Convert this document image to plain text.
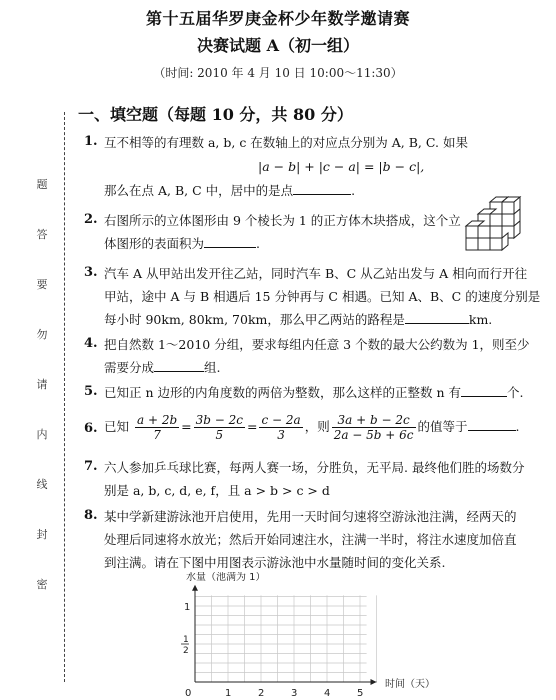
第十五届华罗庚金杯少年数学邀请赛
决赛试题 A（初一组）
（时间: 2010 年 4 月 10 日 10:00～11:30）
一、填空题（每题 10 分，共 80 分）
题
答
要
勿
请
内
线
封
密
1. 互不相等的有理数 a, b, c 在数轴上的对应点分别为 A, B, C. 如果
|a − b| + |c − a| = |b − c|,
那么在点 A, B, C 中，居中的是点	.
2. 右图所示的立体图形由 9 个棱长为 1 的正方体木块搭成，这个立
体图形的表面积为	.
3. 汽车 A 从甲站出发开往乙站，同时汽车 B、C 从乙站出发与 A 相向而行开往
甲站，途中 A 与 B 相遇后 15 分钟再与 C 相遇。已知 A、B、C 的速度分别是
每小时 90km, 80km, 70km，那么甲乙两站的路程是	km.
4. 把自然数 1～2010 分组，要求每组内任意 3 个数的最大公约数为 1，则至少
需要分成	组.
5. 已知正 n 边形的内角度数的两倍为整数，那么这样的正整数 n 有	个.
6. 已知 $\frac{a + 2b}{7} = \frac{3b - 2c}{5} = \frac{c - 2a}{3}$ ，则 $\frac{3a + b - 2c}{2a - 5b + 6c}$ 的值等于	.
7. 六人参加乒乓球比赛，每两人赛一场，分胜负，无平局. 最终他们胜的场数分
别是 a, b, c, d, e, f，且 a > b > c > d
8. 某中学新建游泳池开启使用，先用一天时间匀速将空游泳池注满，经两天的
处理后同速将水放光；然后开始同速注水，注满一半时，将注水速度加倍直
到注满。请在下图中用图表示游泳池中水量随时间的变化关系.
水量（池满为 1）
0	1	2	3	4	5
1
1
2
时间（天）
